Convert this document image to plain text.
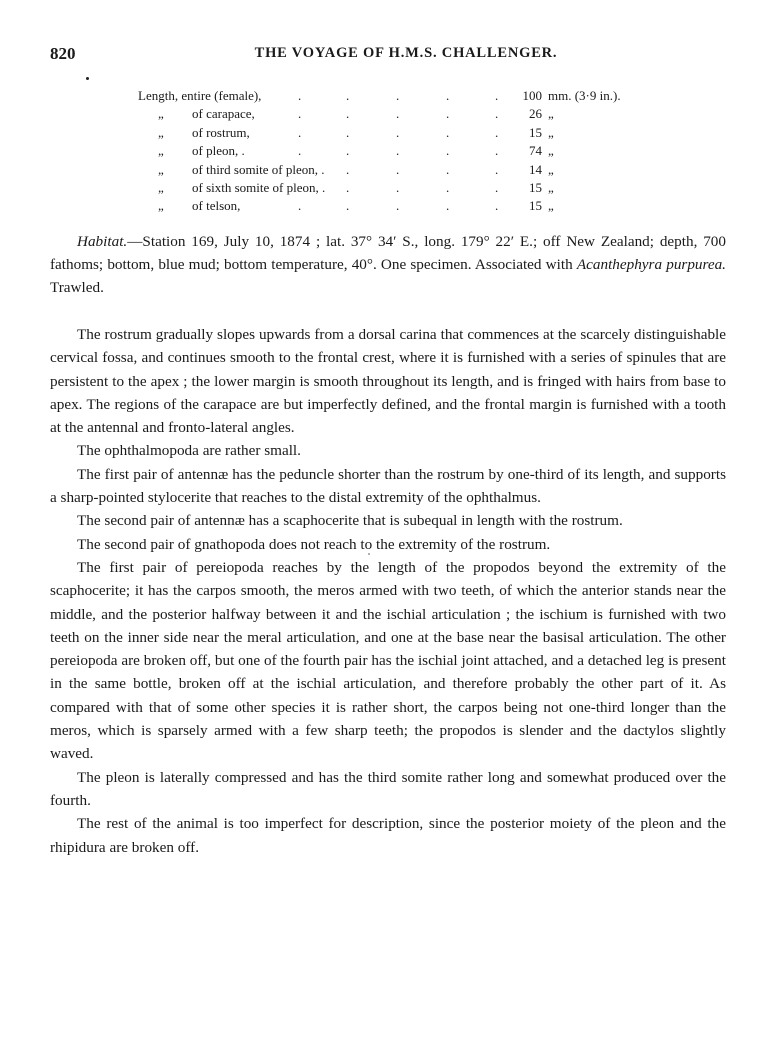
820	THE VOYAGE OF H.M.S. CHALLENGER.
Length, entire (female),	.	.	.	.	.	100 mm. (3·9 in.).
„ of carapace,	.	.	.	.	.	26 „
„ of rostrum,	.	.	.	.	.	15 „
„ of pleon, .	.	.	.	.	.	74 „
„ of third somite of pleon, . .	.	.	.	14 „
„ of sixth somite of pleon, . .	.	.	.	15 „
„ of telson,	.	.	.	.	.	15 „

Habitat.—Station 169, July 10, 1874 ; lat. 37° 34′ S., long. 179° 22′ E.; off New Zealand; depth, 700 fathoms; bottom, blue mud; bottom temperature, 40°. One specimen. Associated with Acanthephyra purpurea. Trawled.

The rostrum gradually slopes upwards from a dorsal carina that commences at the scarcely distinguishable cervical fossa, and continues smooth to the frontal crest, where it is furnished with a series of spinules that are persistent to the apex ; the lower margin is smooth throughout its length, and is fringed with hairs from base to apex. The regions of the carapace are but imperfectly defined, and the frontal margin is furnished with a tooth at the antennal and fronto-lateral angles.

The ophthalmopoda are rather small.

The first pair of antennæ has the peduncle shorter than the rostrum by one-third of its length, and supports a sharp-pointed stylocerite that reaches to the distal extremity of the ophthalmus.

The second pair of antennæ has a scaphocerite that is subequal in length with the rostrum.

The second pair of gnathopoda does not reach to the extremity of the rostrum.

The first pair of pereiopoda reaches by the length of the propodos beyond the extremity of the scaphocerite; it has the carpos smooth, the meros armed with two teeth, of which the anterior stands near the middle, and the posterior halfway between it and the ischial articulation ; the ischium is furnished with two teeth on the inner side near the meral articulation, and one at the base near the basisal articulation. The other pereiopoda are broken off, but one of the fourth pair has the ischial joint attached, and a detached leg is present in the same bottle, broken off at the ischial articulation, and therefore probably the other part of it. As compared with that of some other species it is rather short, the carpos being not one-third longer than the meros, which is sparsely armed with a few sharp teeth; the propodos is slender and the dactylos slightly waved.

The pleon is laterally compressed and has the third somite rather long and somewhat produced over the fourth.

The rest of the animal is too imperfect for description, since the posterior moiety of the pleon and the rhipidura are broken off.
